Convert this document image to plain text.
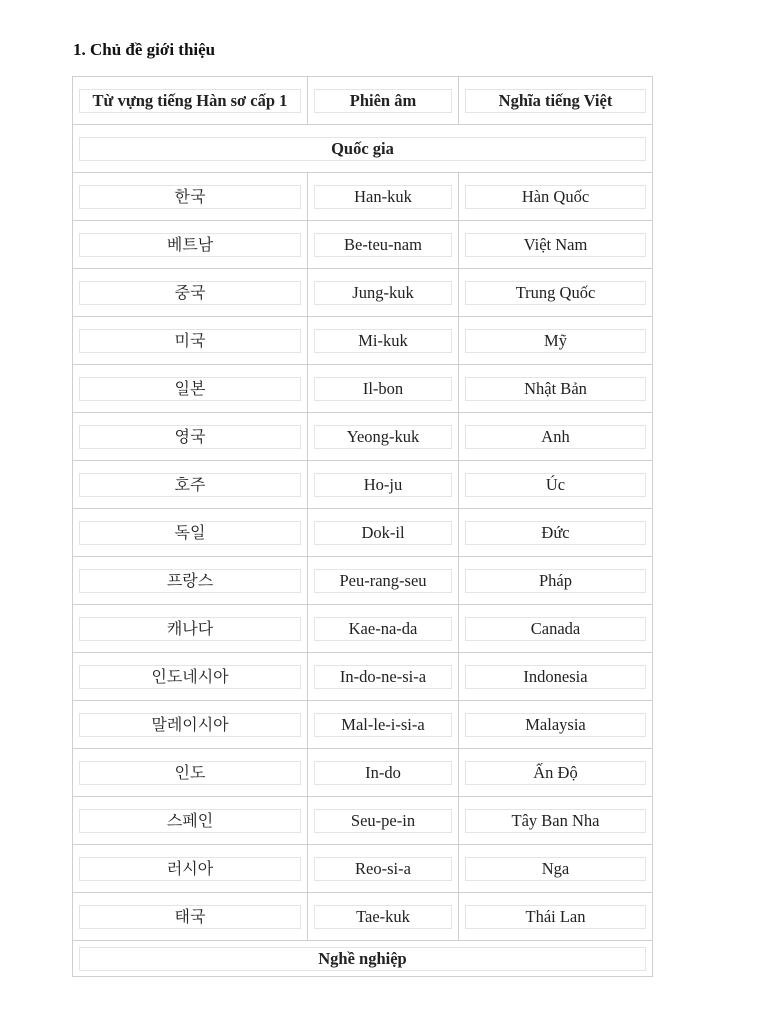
1. Chủ đề giới thiệu
Từ vựng tiếng Hàn sơ cấp 1	Phiên âm	Nghĩa tiếng Việt

Quốc gia		

한국	Han-kuk	Hàn Quốc

베트남	Be-teu-nam	Việt Nam

중국	Jung-kuk	Trung Quốc

미국	Mi-kuk	Mỹ

일본	Il-bon	Nhật Bản

영국	Yeong-kuk	Anh

호주	Ho-ju	Úc

독일	Dok-il	Đức

프랑스	Peu-rang-seu	Pháp

캐나다	Kae-na-da	Canada

인도네시아	In-do-ne-si-a	Indonesia

말레이시아	Mal-le-i-si-a	Malaysia

인도	In-do	Ấn Độ

스페인	Seu-pe-in	Tây Ban Nha

러시아	Reo-si-a	Nga

태국	Tae-kuk	Thái Lan

Nghề nghiệp		
